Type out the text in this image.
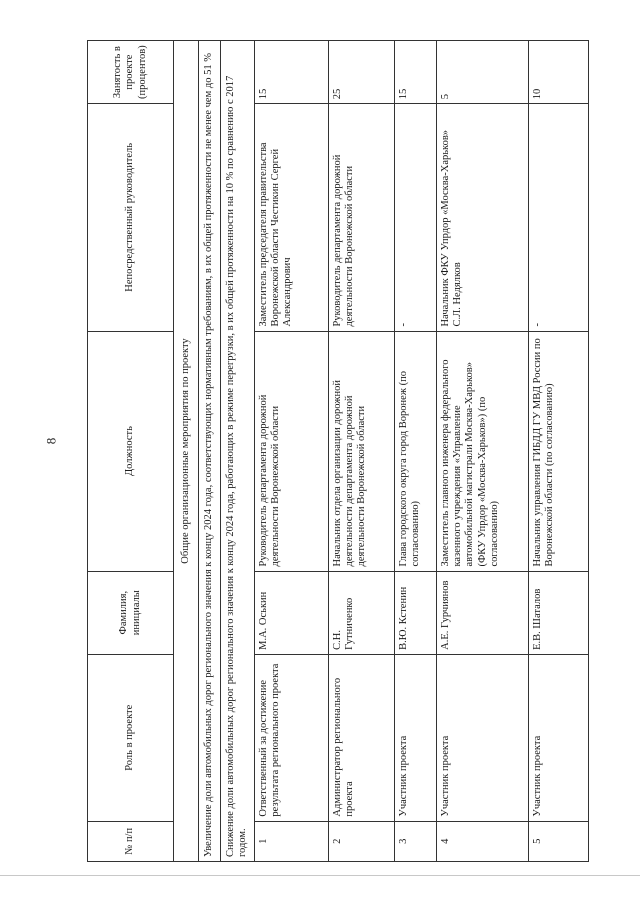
8
№ п/п	Роль в проекте	Фамилия, инициалы	Должность	Непосредственный руководитель	Занятость в проекте (процентов)
Общие организационные мероприятия по проекту					
Увеличение доли автомобильных дорог регионального значения к концу 2024 года, соответствующих нормативным требованиям, в их общей протяженности не менее чем до 51 %					
Снижение доли автомобильных дорог регионального значения к концу 2024 года, работающих в режиме перегрузки, в их общей протяженности на 10 % по сравнению с 2017 годом.					
1	Ответственный за достижение результата регионального проекта	М.А. Оськин	Руководитель департамента дорожной деятельности Воронежской области	Заместитель председателя правительства Воронежской области Честикин Сергей Александрович	15
2	Администратор регионального проекта	С.Н. Гутниченко	Начальник отдела организации дорожной деятельности департамента дорожной деятельности Воронежской области	Руководитель департамента дорожной деятельности Воронежской области	25
3	Участник проекта	В.Ю. Кстенин	Глава городского округа город Воронеж (по согласованию)	-	15
4	Участник проекта	А.Е. Гурчиянов	Заместитель главного инженера федерального казенного учреждения «Управление автомобильной магистрали Москва-Харьков» (ФКУ Упрдор «Москва-Харьков») (по согласованию)	Начальник ФКУ Упрдор «Москва-Харьков» С.Л. Недялков	5
5	Участник проекта	Е.В. Шаталов	Начальник управления ГИБДД ГУ МВД России по Воронежской области (по согласованию)	-	10
